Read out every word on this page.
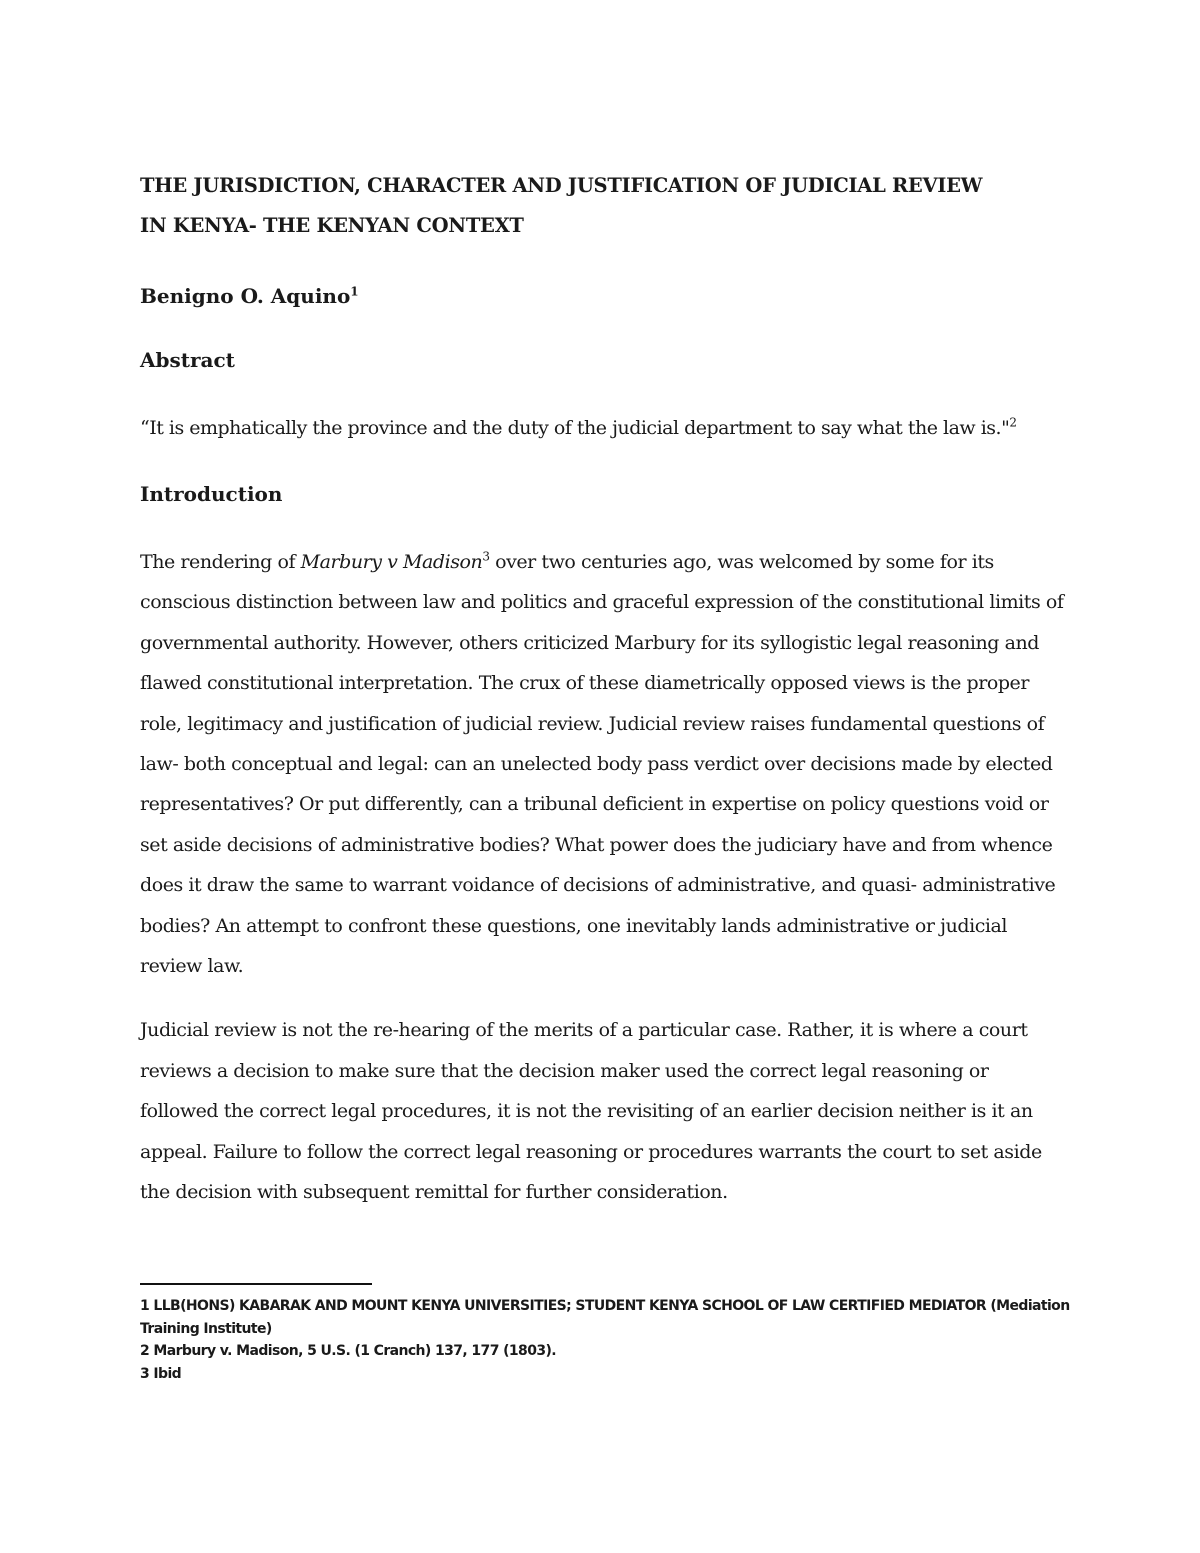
THE JURISDICTION, CHARACTER AND JUSTIFICATION OF JUDICIAL REVIEW
IN KENYA- THE KENYAN CONTEXT

Benigno O. Aquino$^1$

Abstract

“It is emphatically the province and the duty of the judicial department to say what the law is."$^2$

Introduction

The rendering of Marbury v Madison$^3$ over two centuries ago, was welcomed by some for its conscious distinction between law and politics and graceful expression of the constitutional limits of governmental authority. However, others criticized Marbury for its syllogistic legal reasoning and flawed constitutional interpretation. The crux of these diametrically opposed views is the proper role, legitimacy and justification of judicial review. Judicial review raises fundamental questions of law- both conceptual and legal: can an unelected body pass verdict over decisions made by elected representatives? Or put differently, can a tribunal deficient in expertise on policy questions void or set aside decisions of administrative bodies? What power does the judiciary have and from whence does it draw the same to warrant voidance of decisions of administrative, and quasi- administrative bodies? An attempt to confront these questions, one inevitably lands administrative or judicial review law.

Judicial review is not the re-hearing of the merits of a particular case. Rather, it is where a court reviews a decision to make sure that the decision maker used the correct legal reasoning or followed the correct legal procedures, it is not the revisiting of an earlier decision neither is it an appeal. Failure to follow the correct legal reasoning or procedures warrants the court to set aside the decision with subsequent remittal for further consideration.

1 LLB(HONS) KABARAK AND MOUNT KENYA UNIVERSITIES; STUDENT KENYA SCHOOL OF LAW CERTIFIED MEDIATOR (Mediation Training Institute)

2 Marbury v. Madison, 5 U.S. (1 Cranch) 137, 177 (1803).

3 Ibid
